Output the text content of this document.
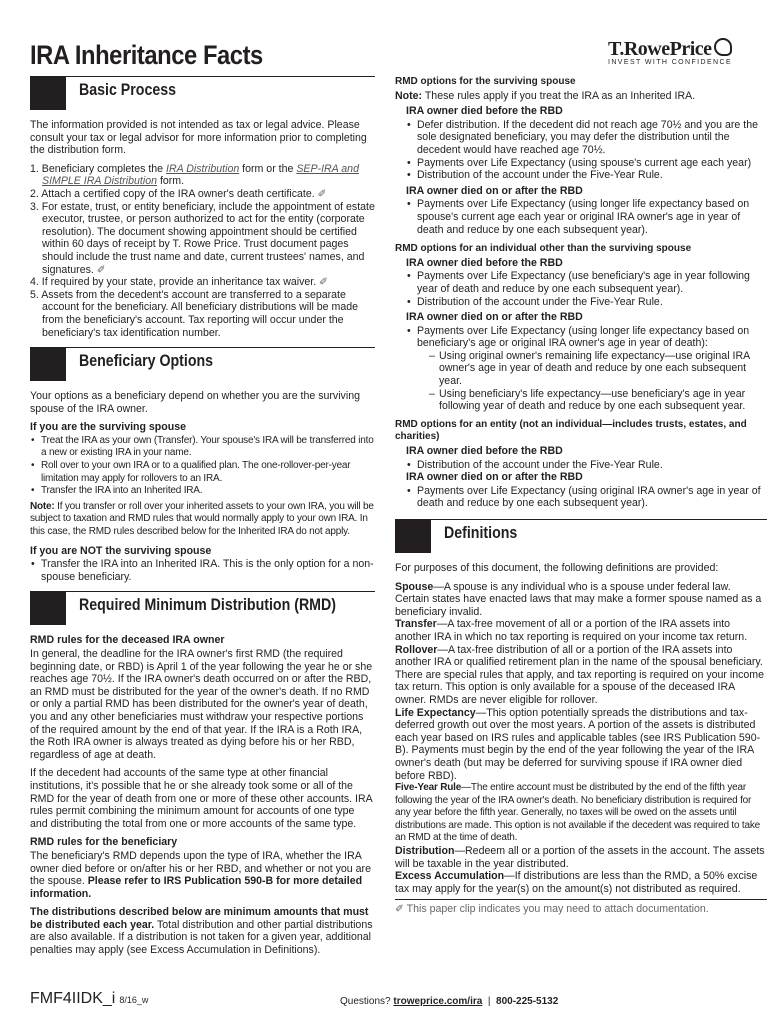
IRA Inheritance Facts	T.RowePrice
INVEST WITH CONFIDENCE
Basic Process

The information provided is not intended as tax or legal advice. Please consult your tax or legal advisor for more information prior to completing the distribution form.

1. Beneficiary completes the IRA Distribution form or the SEP-IRA and SIMPLE IRA Distribution form.
2. Attach a certified copy of the IRA owner's death certificate. ✐
3. For estate, trust, or entity beneficiary, include the appointment of estate executor, trustee, or person authorized to act for the entity (corporate resolution). The document showing appointment should be certified within 60 days of receipt by T. Rowe Price. Trust document pages should include the trust name and date, current trustees' names, and signatures. ✐
4. If required by your state, provide an inheritance tax waiver. ✐
5. Assets from the decedent's account are transferred to a separate account for the beneficiary. All beneficiary distributions will be made from the beneficiary's account. Tax reporting will occur under the beneficiary's tax identification number.
Beneficiary Options

Your options as a beneficiary depend on whether you are the surviving spouse of the IRA owner.

If you are the surviving spouse
• Treat the IRA as your own (Transfer). Your spouse's IRA will be transferred into a new or existing IRA in your name.
• Roll over to your own IRA or to a qualified plan. The one-rollover-per-year limitation may apply for rollovers to an IRA.
• Transfer the IRA into an Inherited IRA.

Note: If you transfer or roll over your inherited assets to your own IRA, you will be subject to taxation and RMD rules that would normally apply to your own IRA. In this case, the RMD rules described below for the Inherited IRA do not apply.

If you are NOT the surviving spouse
• Transfer the IRA into an Inherited IRA. This is the only option for a non-spouse beneficiary.
Required Minimum Distribution (RMD)
RMD rules for the deceased IRA owner

In general, the deadline for the IRA owner's first RMD (the required beginning date, or RBD) is April 1 of the year following the year he or she reaches age 70½. If the IRA owner's death occurred on or after the RBD, an RMD must be distributed for the year of the owner's death. If no RMD or only a partial RMD has been distributed for the owner's year of death, you and any other beneficiaries must withdraw your respective portions of the required amount by the end of that year. If the IRA is a Roth IRA, the Roth IRA owner is always treated as dying before his or her RBD, regardless of age at death.

If the decedent had accounts of the same type at other financial institutions, it's possible that he or she already took some or all of the RMD for the year of death from one or more of these other accounts. IRA rules permit combining the minimum amount for accounts of one type and distributing the total from one or more accounts of the same type.

RMD rules for the beneficiary

The beneficiary's RMD depends upon the type of IRA, whether the IRA owner died before or on/after his or her RBD, and whether or not you are the spouse. Please refer to IRS Publication 590-B for more detailed information.

The distributions described below are minimum amounts that must be distributed each year. Total distribution and other partial distributions are also available. If a distribution is not taken for a given year, additional penalties may apply (see Excess Accumulation in Definitions).

RMD options for the surviving spouse
Note: These rules apply if you treat the IRA as an Inherited IRA.
IRA owner died before the RBD
• Defer distribution. If the decedent did not reach age 70½ and you are the sole designated beneficiary, you may defer the distribution until the decedent would have reached age 70½.
• Payments over Life Expectancy (using spouse's current age each year)
• Distribution of the account under the Five-Year Rule.
IRA owner died on or after the RBD
• Payments over Life Expectancy (using longer life expectancy based on spouse's current age each year or original IRA owner's age in year of death and reduce by one each subsequent year).
RMD options for an individual other than the surviving spouse
IRA owner died before the RBD
• Payments over Life Expectancy (use beneficiary's age in year following year of death and reduce by one each subsequent year).
• Distribution of the account under the Five-Year Rule.
IRA owner died on or after the RBD
• Payments over Life Expectancy (using longer life expectancy based on beneficiary's age or original IRA owner's age in year of death):
– Using original owner's remaining life expectancy—use original IRA owner's age in year of death and reduce by one each subsequent year.
– Using beneficiary's life expectancy—use beneficiary's age in year following year of death and reduce by one each subsequent year.
RMD options for an entity (not an individual—includes trusts, estates, and charities)
IRA owner died before the RBD
• Distribution of the account under the Five-Year Rule.
IRA owner died on or after the RBD
• Payments over Life Expectancy (using original IRA owner's age in year of death and reduce by one each subsequent year).
Definitions

For purposes of this document, the following definitions are provided:

Spouse—A spouse is any individual who is a spouse under federal law. Certain states have enacted laws that may make a former spouse named as a beneficiary invalid.
Transfer—A tax-free movement of all or a portion of the IRA assets into another IRA in which no tax reporting is required on your income tax return.
Rollover—A tax-free distribution of all or a portion of the IRA assets into another IRA or qualified retirement plan in the name of the spousal beneficiary. There are special rules that apply, and tax reporting is required on your income tax return. This option is only available for a spouse of the deceased IRA owner. RMDs are never eligible for rollover.
Life Expectancy—This option potentially spreads the distributions and tax-deferred growth out over the most years. A portion of the assets is distributed each year based on IRS rules and applicable tables (see IRS Publication 590-B). Payments must begin by the end of the year following the year of the IRA owner's death (but may be deferred for surviving spouse if IRA owner died before RBD).
Five-Year Rule—The entire account must be distributed by the end of the fifth year following the year of the IRA owner's death. No beneficiary distribution is required for any year before the fifth year. Generally, no taxes will be owed on the assets until distributions are made. This option is not available if the decedent was required to take an RMD at the time of death.
Distribution—Redeem all or a portion of the assets in the account. The assets will be taxable in the year distributed.
Excess Accumulation—If distributions are less than the RMD, a 50% excise tax may apply for the year(s) on the amount(s) not distributed as required.
✐ This paper clip indicates you may need to attach documentation.
FMF4IIDK_i 8/16_w	Questions? troweprice.com/ira  |  800-225-5132
